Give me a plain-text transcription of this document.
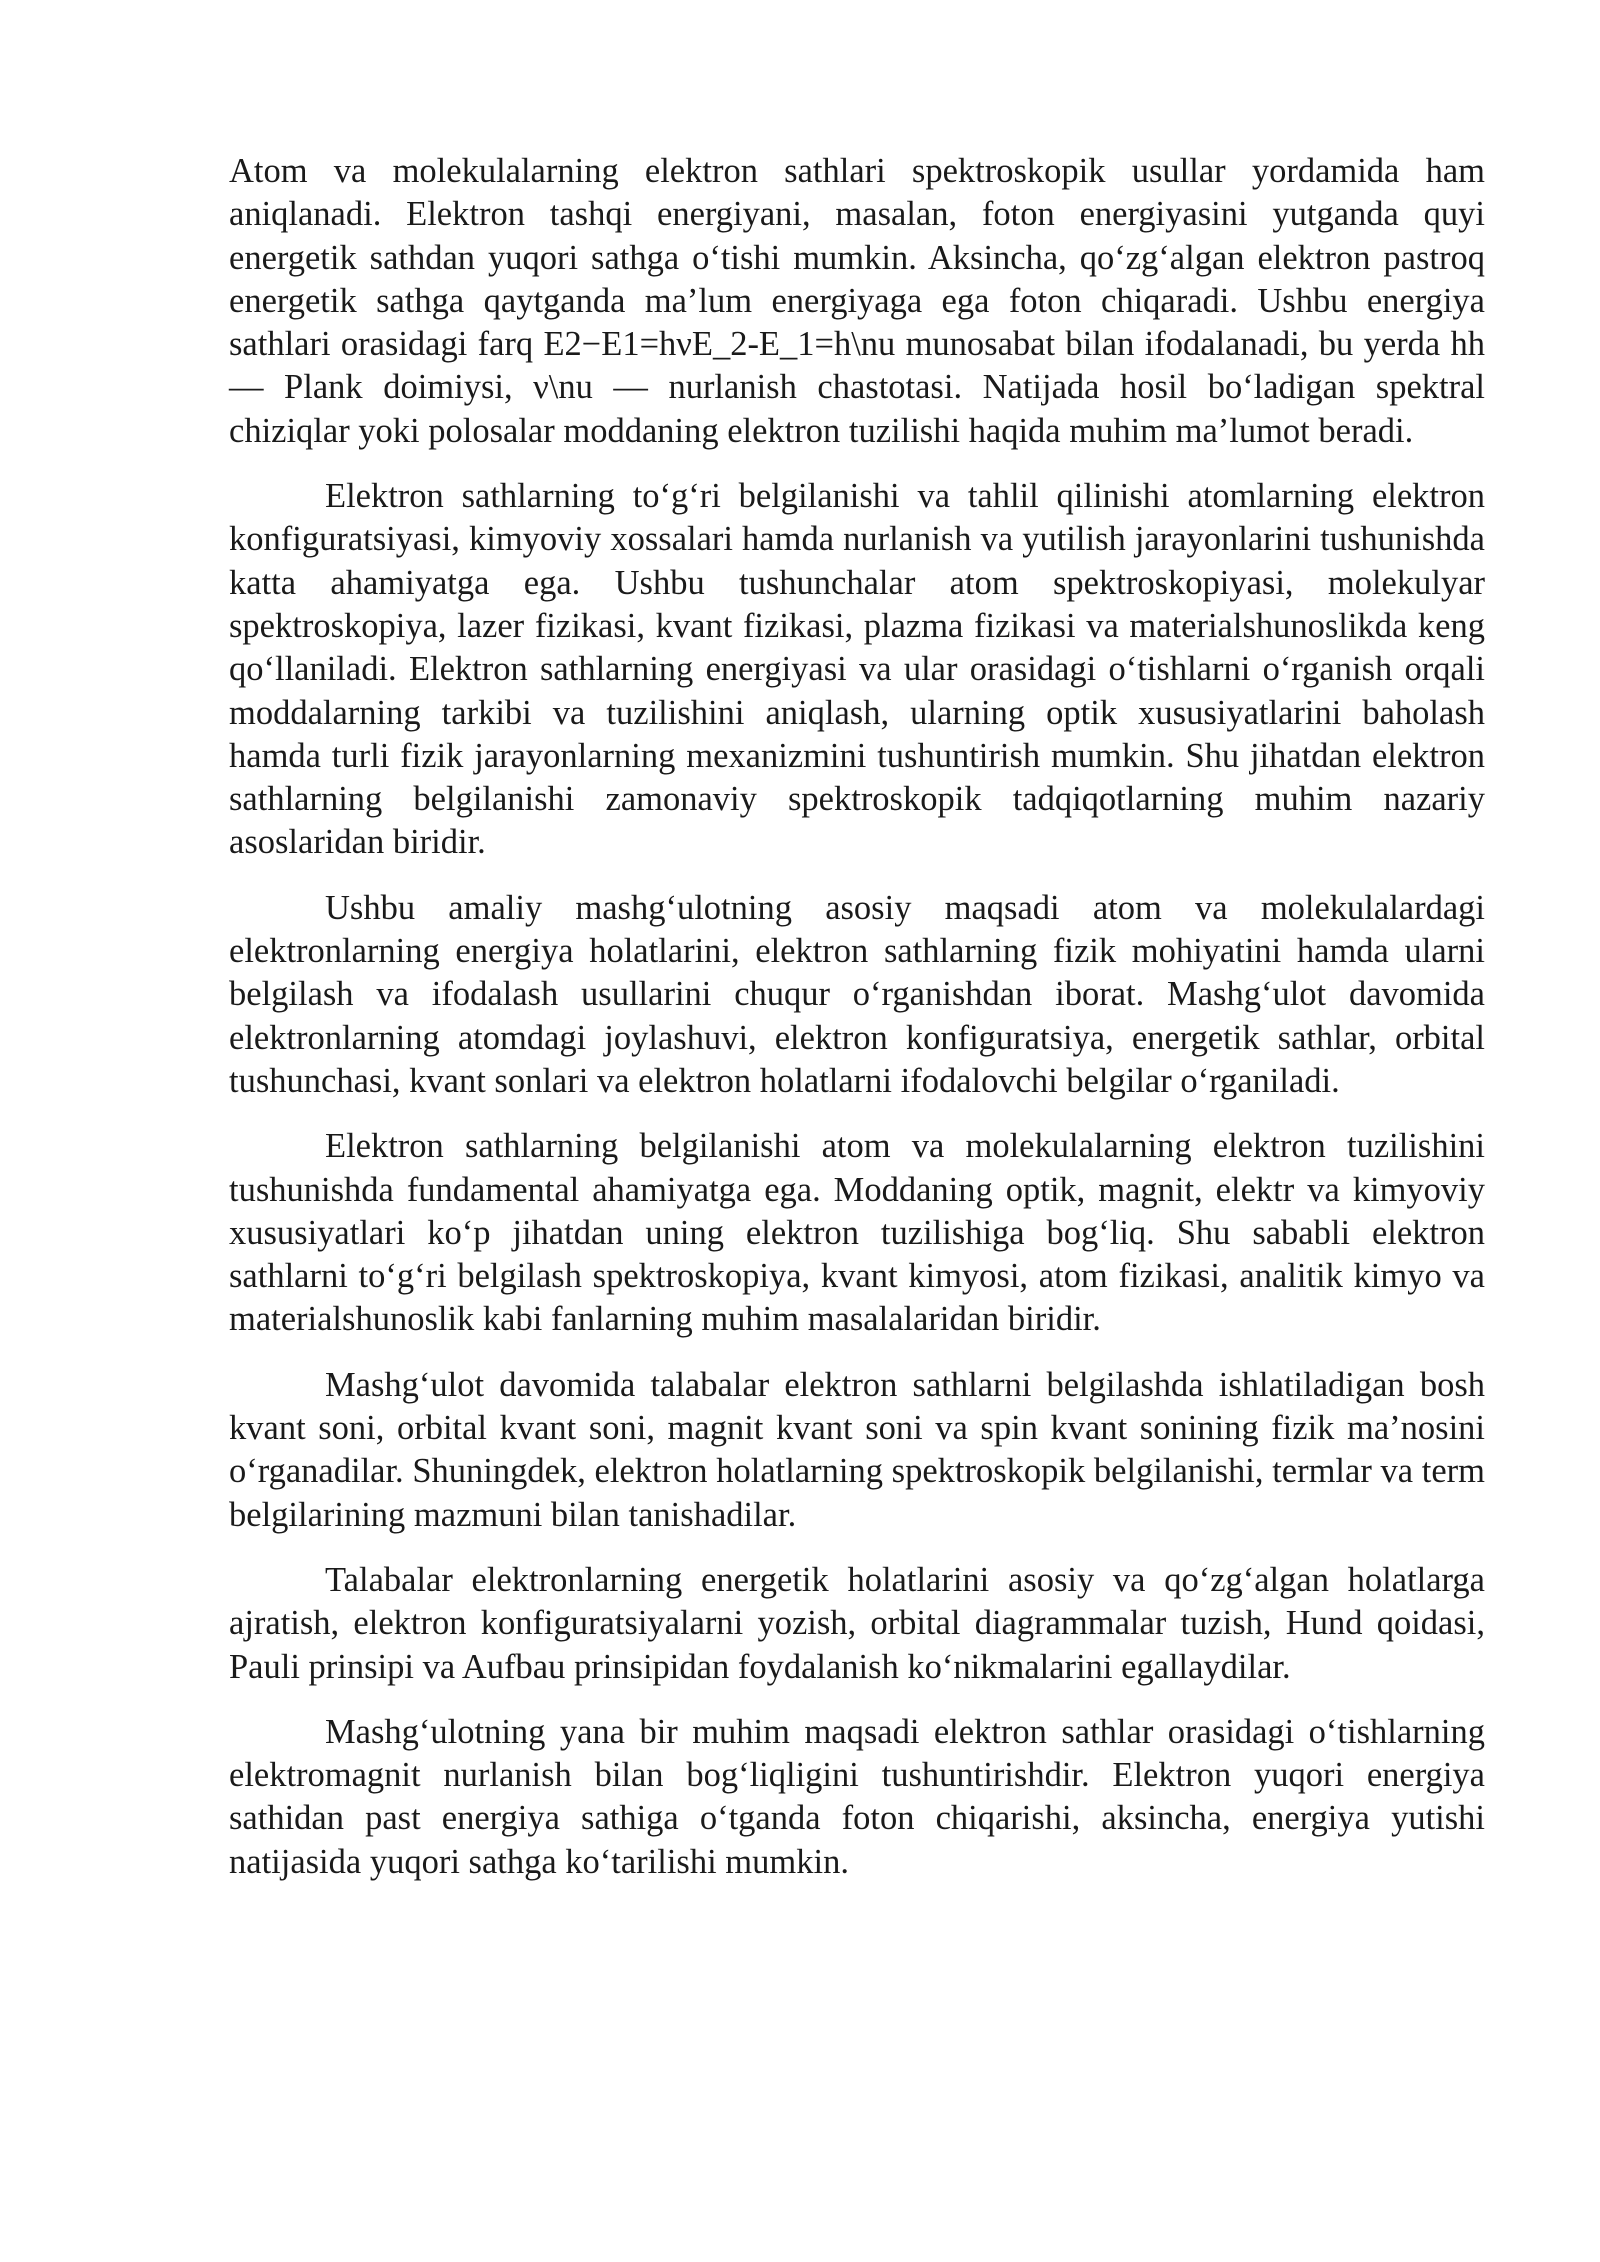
Atom va molekulalarning elektron sathlari spektroskopik usullar yordamida ham aniqlanadi. Elektron tashqi energiyani, masalan, foton energiyasini yutganda quyi energetik sathdan yuqori sathga o‘tishi mumkin. Aksincha, qo‘zg‘algan elektron pastroq energetik sathga qaytganda ma’lum energiyaga ega foton chiqaradi. Ushbu energiya sathlari orasidagi farq E2−E1=hνE_2-E_1=h\nu munosabat bilan ifodalanadi, bu yerda hh — Plank doimiysi, ν\nu — nurlanish chastotasi. Natijada hosil bo‘ladigan spektral chiziqlar yoki polosalar moddaning elektron tuzilishi haqida muhim ma’lumot beradi.

Elektron sathlarning to‘g‘ri belgilanishi va tahlil qilinishi atomlarning elektron konfiguratsiyasi, kimyoviy xossalari hamda nurlanish va yutilish jarayonlarini tushunishda katta ahamiyatga ega. Ushbu tushunchalar atom spektroskopiyasi, molekulyar spektroskopiya, lazer fizikasi, kvant fizikasi, plazma fizikasi va materialshunoslikda keng qo‘llaniladi. Elektron sathlarning energiyasi va ular orasidagi o‘tishlarni o‘rganish orqali moddalarning tarkibi va tuzilishini aniqlash, ularning optik xususiyatlarini baholash hamda turli fizik jarayonlarning mexanizmini tushuntirish mumkin. Shu jihatdan elektron sathlarning belgilanishi zamonaviy spektroskopik tadqiqotlarning muhim nazariy asoslaridan biridir.

Ushbu amaliy mashg‘ulotning asosiy maqsadi atom va molekulalardagi elektronlarning energiya holatlarini, elektron sathlarning fizik mohiyatini hamda ularni belgilash va ifodalash usullarini chuqur o‘rganishdan iborat. Mashg‘ulot davomida elektronlarning atomdagi joylashuvi, elektron konfiguratsiya, energetik sathlar, orbital tushunchasi, kvant sonlari va elektron holatlarni ifodalovchi belgilar o‘rganiladi.

Elektron sathlarning belgilanishi atom va molekulalarning elektron tuzilishini tushunishda fundamental ahamiyatga ega. Moddaning optik, magnit, elektr va kimyoviy xususiyatlari ko‘p jihatdan uning elektron tuzilishiga bog‘liq. Shu sababli elektron sathlarni to‘g‘ri belgilash spektroskopiya, kvant kimyosi, atom fizikasi, analitik kimyo va materialshunoslik kabi fanlarning muhim masalalaridan biridir.

Mashg‘ulot davomida talabalar elektron sathlarni belgilashda ishlatiladigan bosh kvant soni, orbital kvant soni, magnit kvant soni va spin kvant sonining fizik ma’nosini o‘rganadilar. Shuningdek, elektron holatlarning spektroskopik belgilanishi, termlar va term belgilarining mazmuni bilan tanishadilar.

Talabalar elektronlarning energetik holatlarini asosiy va qo‘zg‘algan holatlarga ajratish, elektron konfiguratsiyalarni yozish, orbital diagrammalar tuzish, Hund qoidasi, Pauli prinsipi va Aufbau prinsipidan foydalanish ko‘nikmalarini egallaydilar.

Mashg‘ulotning yana bir muhim maqsadi elektron sathlar orasidagi o‘tishlarning elektromagnit nurlanish bilan bog‘liqligini tushuntirishdir. Elektron yuqori energiya sathidan past energiya sathiga o‘tganda foton chiqarishi, aksincha, energiya yutishi natijasida yuqori sathga ko‘tarilishi mumkin.
